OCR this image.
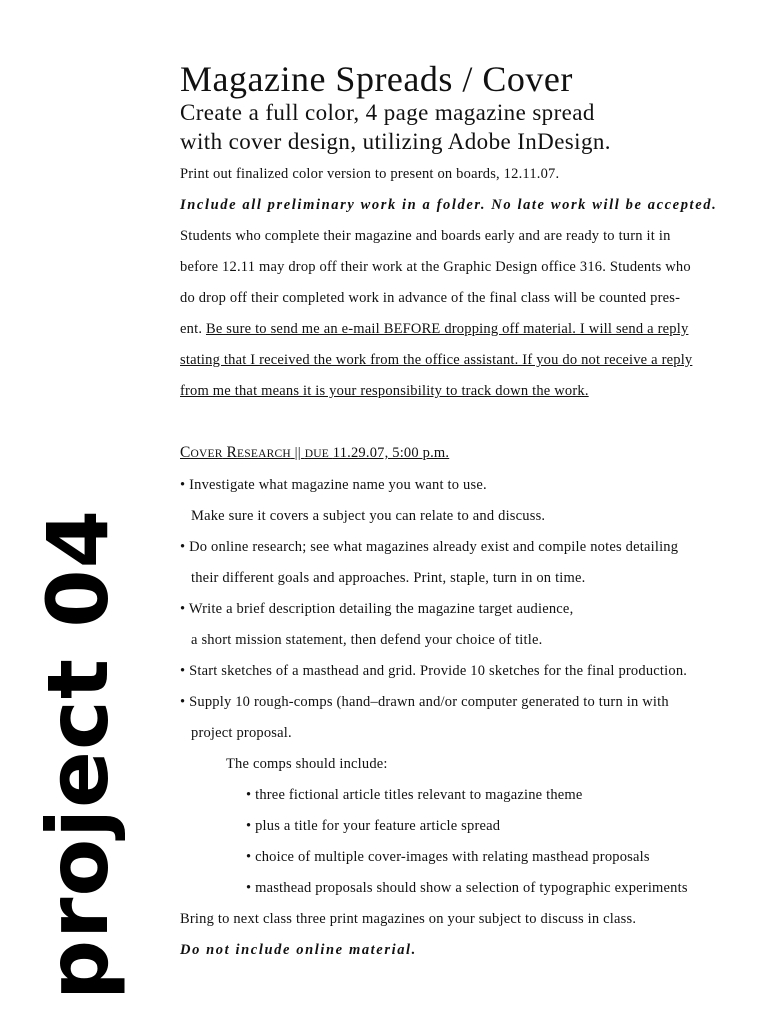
project 04
Magazine Spreads / Cover
Create a full color, 4 page magazine spread
with cover design, utilizing Adobe InDesign.
Print out finalized color version to present on boards, 12.11.07.
Include all preliminary work in a folder. No late work will be accepted.
Students who complete their magazine and boards early and are ready to turn it in
before 12.11 may drop off their work at the Graphic Design office 316. Students who
do drop off their completed work in advance of the final class will be counted pres-
ent. Be sure to send me an e-mail BEFORE dropping off material. I will send a reply
stating that I received the work from the office assistant. If you do not receive a reply
from me that means it is your responsibility to track down the work.
COVER RESEARCH || DUE 11.29.07, 5:00 p.m.
• Investigate what magazine name you want to use.
Make sure it covers a subject you can relate to and discuss.
• Do online research; see what magazines already exist and compile notes detailing
their different goals and approaches. Print, staple, turn in on time.
• Write a brief description detailing the magazine target audience,
a short mission statement, then defend your choice of title.
• Start sketches of a masthead and grid. Provide 10 sketches for the final production.
• Supply 10 rough-comps (hand–drawn and/or computer generated to turn in with
project proposal.
The comps should include:
• three fictional article titles relevant to magazine theme
• plus a title for your feature article spread
• choice of multiple cover-images with relating masthead proposals
• masthead proposals should show a selection of typographic experiments
Bring to next class three print magazines on your subject to discuss in class.
Do not include online material.
